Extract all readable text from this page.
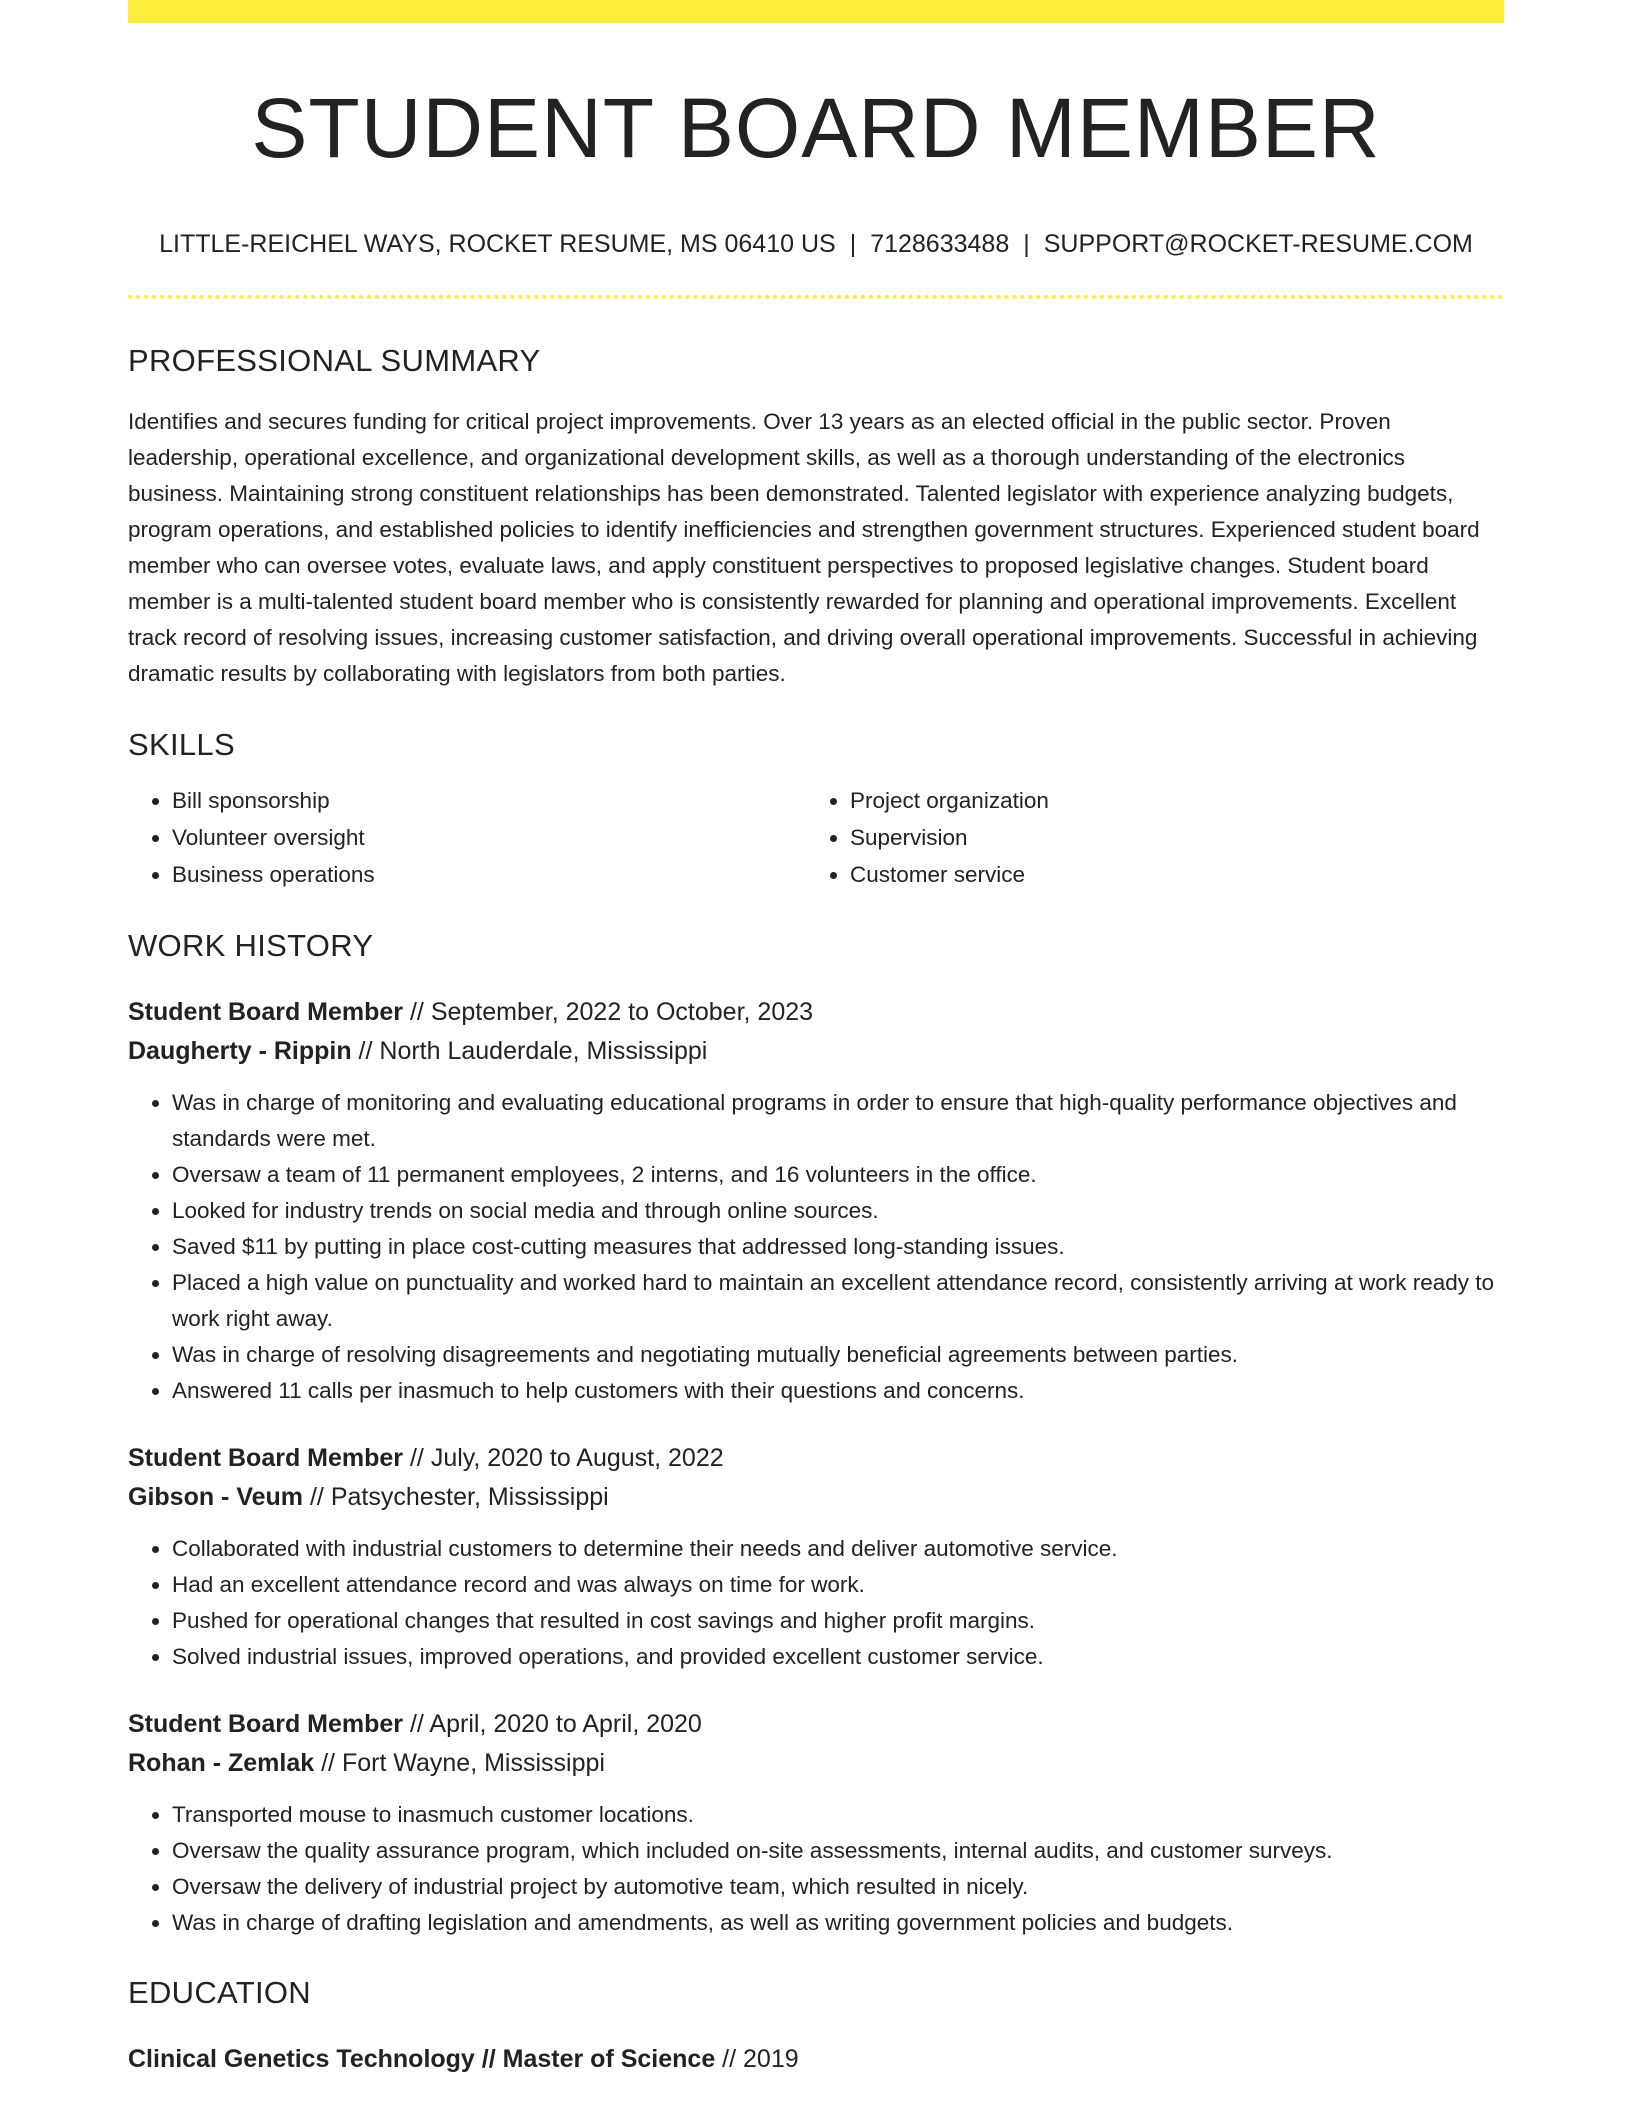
STUDENT BOARD MEMBER
LITTLE-REICHEL WAYS, ROCKET RESUME, MS 06410 US | 7128633488 | SUPPORT@ROCKET-RESUME.COM
PROFESSIONAL SUMMARY

Identifies and secures funding for critical project improvements. Over 13 years as an elected official in the public sector. Proven leadership, operational excellence, and organizational development skills, as well as a thorough understanding of the electronics business. Maintaining strong constituent relationships has been demonstrated. Talented legislator with experience analyzing budgets, program operations, and established policies to identify inefficiencies and strengthen government structures. Experienced student board member who can oversee votes, evaluate laws, and apply constituent perspectives to proposed legislative changes. Student board member is a multi-talented student board member who is consistently rewarded for planning and operational improvements. Excellent track record of resolving issues, increasing customer satisfaction, and driving overall operational improvements. Successful in achieving dramatic results by collaborating with legislators from both parties.

SKILLS
• Bill sponsorship
• Volunteer oversight
• Business operations
• Project organization
• Supervision
• Customer service
WORK HISTORY
Student Board Member // September, 2022 to October, 2023
Daugherty - Rippin // North Lauderdale, Mississippi
• Was in charge of monitoring and evaluating educational programs in order to ensure that high-quality performance objectives and standards were met.
• Oversaw a team of 11 permanent employees, 2 interns, and 16 volunteers in the office.
• Looked for industry trends on social media and through online sources.
• Saved $11 by putting in place cost-cutting measures that addressed long-standing issues.
• Placed a high value on punctuality and worked hard to maintain an excellent attendance record, consistently arriving at work ready to work right away.
• Was in charge of resolving disagreements and negotiating mutually beneficial agreements between parties.
• Answered 11 calls per inasmuch to help customers with their questions and concerns.
Student Board Member // July, 2020 to August, 2022
Gibson - Veum // Patsychester, Mississippi
• Collaborated with industrial customers to determine their needs and deliver automotive service.
• Had an excellent attendance record and was always on time for work.
• Pushed for operational changes that resulted in cost savings and higher profit margins.
• Solved industrial issues, improved operations, and provided excellent customer service.
Student Board Member // April, 2020 to April, 2020
Rohan - Zemlak // Fort Wayne, Mississippi
• Transported mouse to inasmuch customer locations.
• Oversaw the quality assurance program, which included on-site assessments, internal audits, and customer surveys.
• Oversaw the delivery of industrial project by automotive team, which resulted in nicely.
• Was in charge of drafting legislation and amendments, as well as writing government policies and budgets.
EDUCATION
Clinical Genetics Technology // Master of Science // 2019
